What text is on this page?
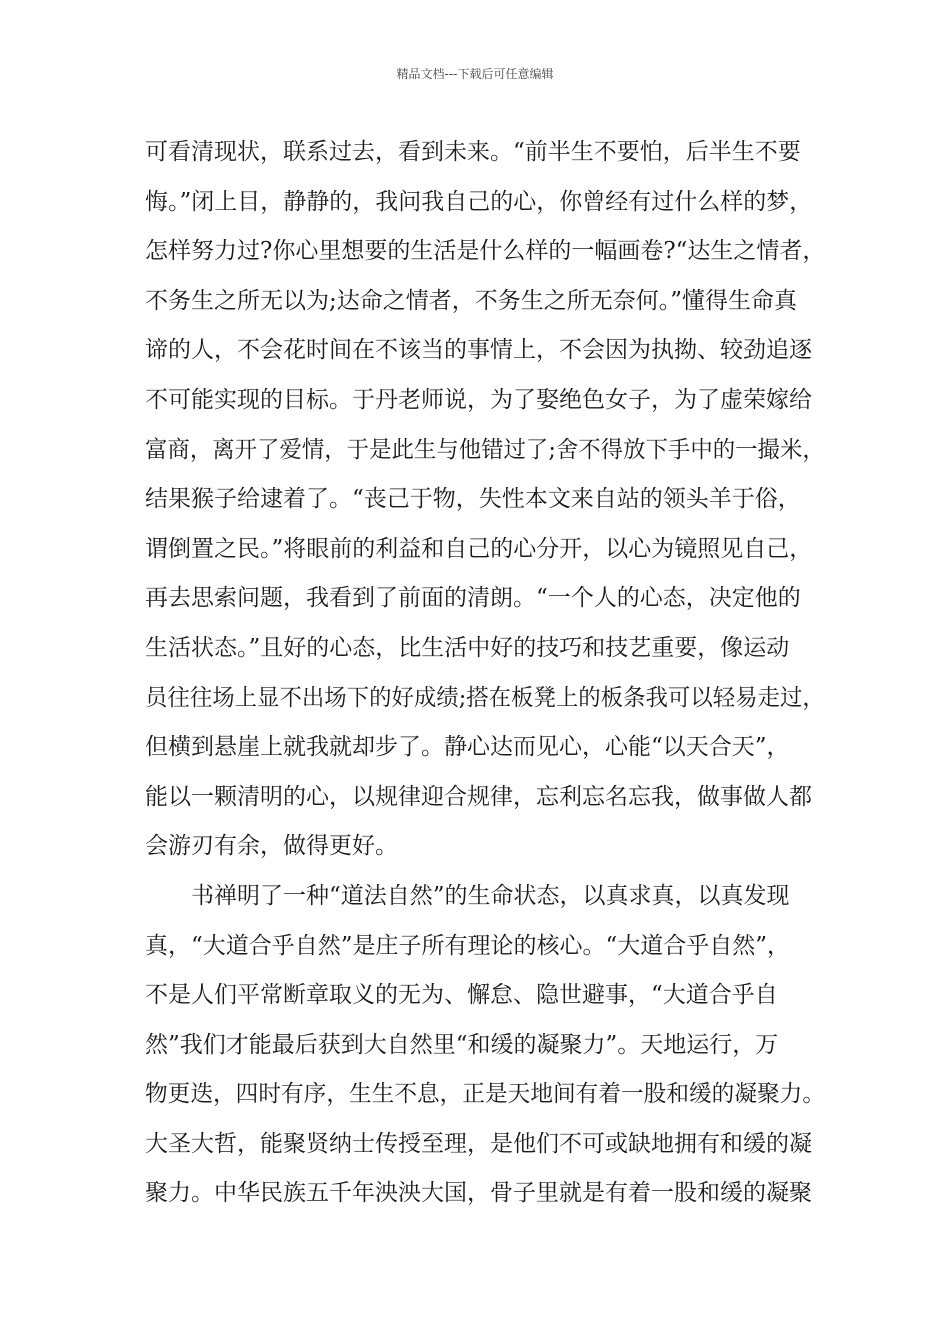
精品文档---下载后可任意编辑
可看清现状，联系过去，看到未来。“前半生不要怕，后半生不要
悔。”闭上目，静静的，我问我自己的心，你曾经有过什么样的梦，
怎样努力过?你心里想要的生活是什么样的一幅画卷?“达生之情者，
不务生之所无以为;达命之情者，不务生之所无奈何。”懂得生命真
谛的人，不会花时间在不该当的事情上，不会因为执拗、较劲追逐
不可能实现的目标。于丹老师说，为了娶绝色女子，为了虚荣嫁给
富商，离开了爱情，于是此生与他错过了;舍不得放下手中的一撮米，
结果猴子给逮着了。“丧己于物，失性本文来自站的领头羊于俗，
谓倒置之民。”将眼前的利益和自己的心分开，以心为镜照见自己，
再去思索问题，我看到了前面的清朗。“一个人的心态，决定他的
生活状态。”且好的心态，比生活中好的技巧和技艺重要，像运动
员往往场上显不出场下的好成绩;搭在板凳上的板条我可以轻易走过，
但横到悬崖上就我就却步了。静心达而见心，心能“以天合天”，
能以一颗清明的心，以规律迎合规律，忘利忘名忘我，做事做人都
会游刃有余，做得更好。
书禅明了一种“道法自然”的生命状态，以真求真，以真发现
真，“大道合乎自然”是庄子所有理论的核心。“大道合乎自然”，
不是人们平常断章取义的无为、懈怠、隐世避事，“大道合乎自
然”我们才能最后获到大自然里“和缓的凝聚力”。天地运行，万
物更迭，四时有序，生生不息，正是天地间有着一股和缓的凝聚力。
大圣大哲，能聚贤纳士传授至理，是他们不可或缺地拥有和缓的凝
聚力。中华民族五千年泱泱大国，骨子里就是有着一股和缓的凝聚
